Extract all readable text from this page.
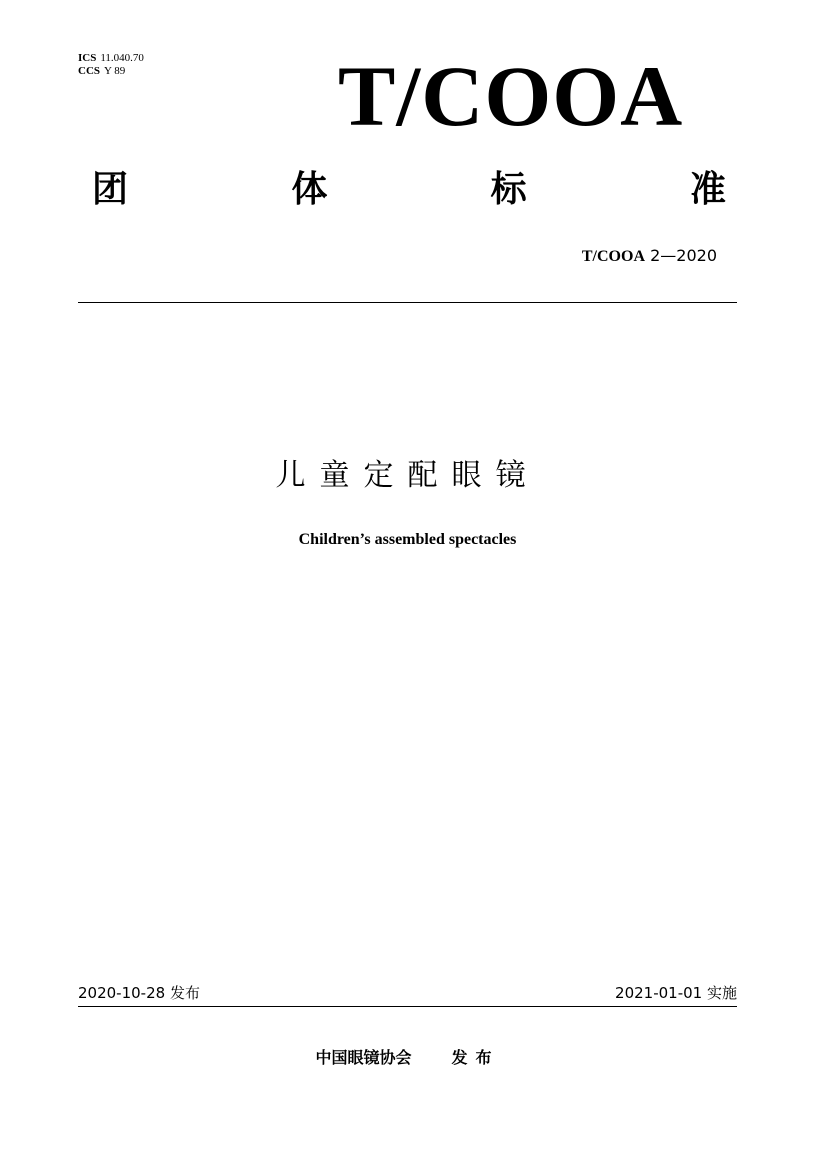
ICS 11.040.70
CCS Y 89 T/COOA
团	体	标	准
T/COOA 2—2020
儿童定配眼镜
Children’s assembled spectacles
2020-10-28 发布	2021-01-01 实施
中国眼镜协会	发布
